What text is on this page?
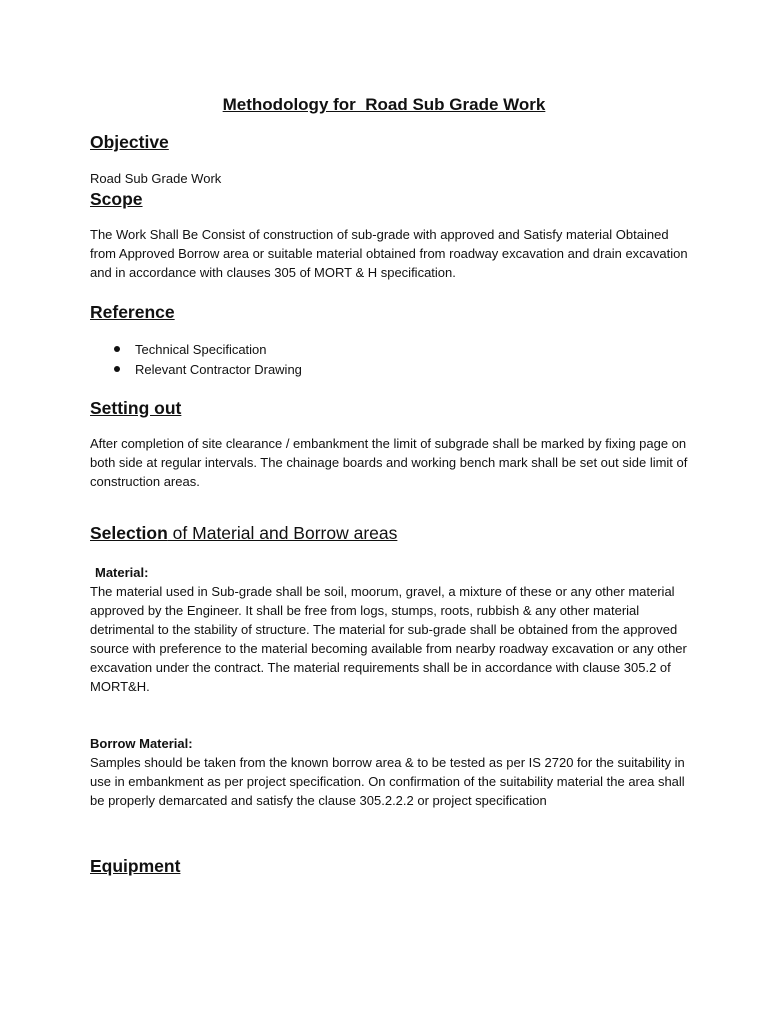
Methodology for  Road Sub Grade Work
Objective

Road Sub Grade Work

Scope

The Work Shall Be Consist of construction of sub-grade with approved and Satisfy material Obtained from Approved Borrow area or suitable material obtained from roadway excavation and drain excavation and in accordance with clauses 305 of MORT & H specification.

Reference
Technical Specification
Relevant Contractor Drawing
Setting out

After completion of site clearance / embankment the limit of subgrade shall be marked by fixing page on both side at regular intervals. The chainage boards and working bench mark shall be set out side limit of construction areas.

Selection of Material and Borrow areas

Material:

The material used in Sub-grade shall be soil, moorum, gravel, a mixture of these or any other material approved by the Engineer. It shall be free from logs, stumps, roots, rubbish & any other material detrimental to the stability of structure. The material for sub-grade shall be obtained from the approved source with preference to the material becoming available from nearby roadway excavation or any other excavation under the contract. The material requirements shall be in accordance with clause 305.2 of MORT&H.

Borrow Material:

Samples should be taken from the known borrow area & to be tested as per IS 2720 for the suitability in use in embankment as per project specification. On confirmation of the suitability material the area shall be properly demarcated and satisfy the clause 305.2.2.2 or project specification

Equipment
